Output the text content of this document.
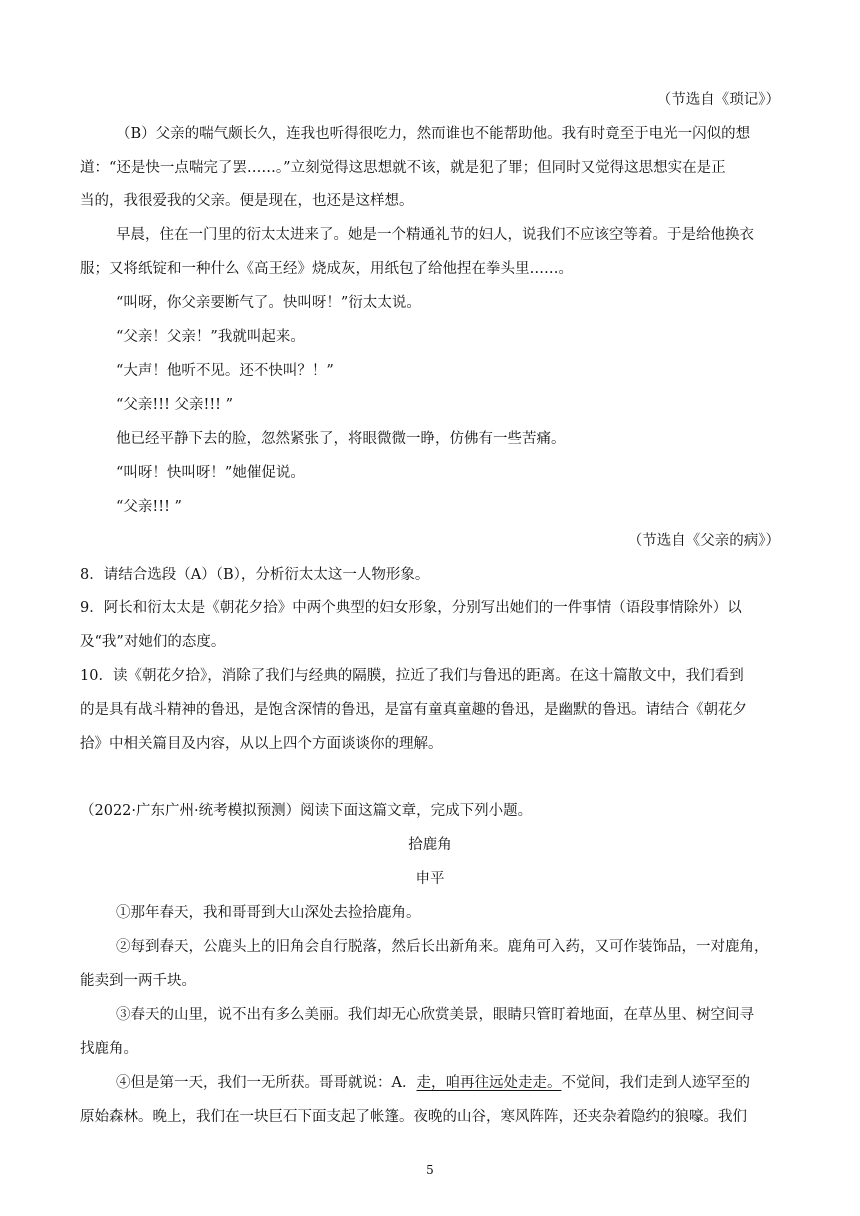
（节选自《琐记》）
（B）父亲的喘气颇长久，连我也听得很吃力，然而谁也不能帮助他。我有时竟至于电光一闪似的想
道：“还是快一点喘完了罢……。”立刻觉得这思想就不该，就是犯了罪；但同时又觉得这思想实在是正
当的，我很爱我的父亲。便是现在，也还是这样想。
早晨，住在一门里的衍太太进来了。她是一个精通礼节的妇人，说我们不应该空等着。于是给他换衣
服；又将纸锭和一种什么《高王经》烧成灰，用纸包了给他捏在拳头里……。
“叫呀，你父亲要断气了。快叫呀！”衍太太说。
“父亲！父亲！”我就叫起来。
“大声！他听不见。还不快叫？！”
“父亲!!! 父亲!!! ”
他已经平静下去的脸，忽然紧张了，将眼微微一睁，仿佛有一些苦痛。
“叫呀！快叫呀！”她催促说。
“父亲!!! ”
（节选自《父亲的病》）
8．请结合选段（A）（B），分析衍太太这一人物形象。
9．阿长和衍太太是《朝花夕拾》中两个典型的妇女形象，分别写出她们的一件事情（语段事情除外）以
及“我”对她们的态度。
10．读《朝花夕拾》，消除了我们与经典的隔膜，拉近了我们与鲁迅的距离。在这十篇散文中，我们看到
的是具有战斗精神的鲁迅，是饱含深情的鲁迅，是富有童真童趣的鲁迅，是幽默的鲁迅。请结合《朝花夕
拾》中相关篇目及内容，从以上四个方面谈谈你的理解。
（2022·广东广州·统考模拟预测）阅读下面这篇文章，完成下列小题。
拾鹿角
申平
①那年春天，我和哥哥到大山深处去捡拾鹿角。
②每到春天，公鹿头上的旧角会自行脱落，然后长出新角来。鹿角可入药，又可作装饰品，一对鹿角，
能卖到一两千块。
③春天的山里，说不出有多么美丽。我们却无心欣赏美景，眼睛只管盯着地面，在草丛里、树空间寻
找鹿角。
④但是第一天，我们一无所获。哥哥就说：A．走，咱再往远处走走。不觉间，我们走到人迹罕至的
原始森林。晚上，我们在一块巨石下面支起了帐篷。夜晚的山谷，寒风阵阵，还夹杂着隐约的狼嚎。我们
5
